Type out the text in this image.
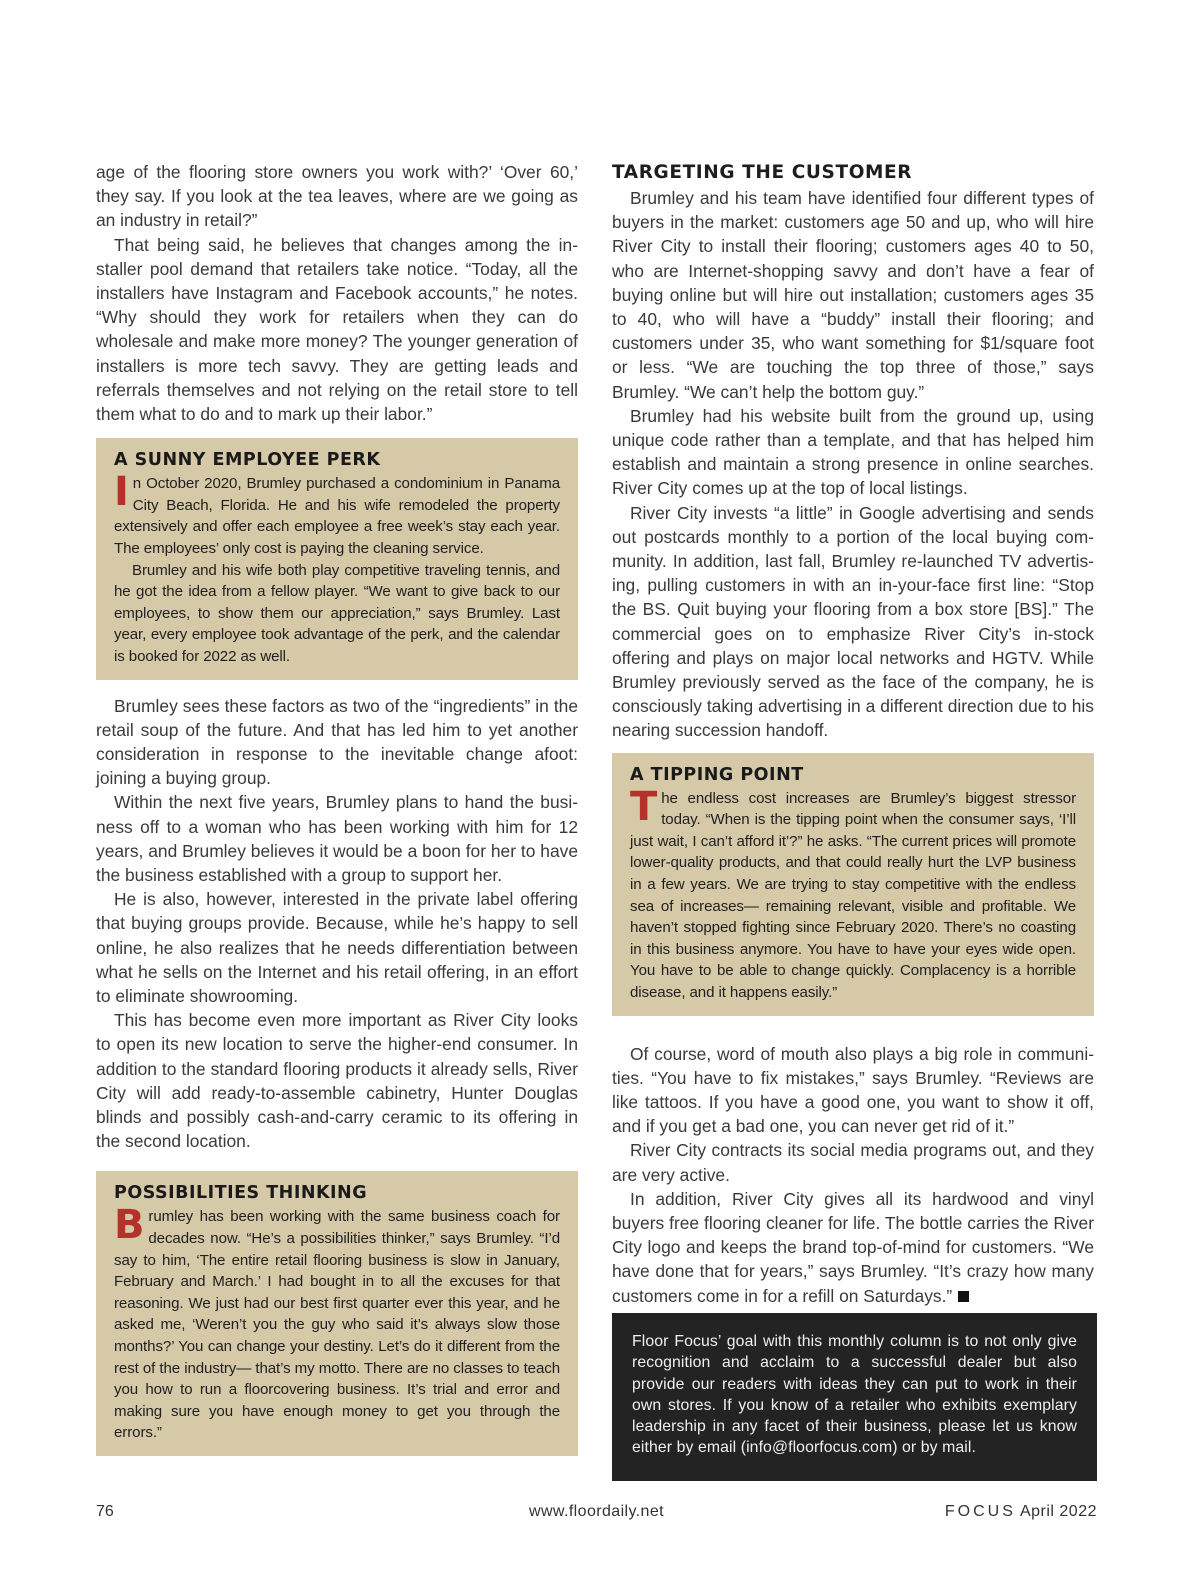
age of the flooring store owners you work with?’ ‘Over 60,’ they say. If you look at the tea leaves, where are we going as an industry in retail?”

That being said, he believes that changes among the installer pool demand that retailers take notice. “Today, all the installers have Instagram and Facebook accounts,” he notes. “Why should they work for retailers when they can do wholesale and make more money? The younger generation of installers is more tech savvy. They are getting leads and referrals themselves and not relying on the retail store to tell them what to do and to mark up their labor.”

A SUNNY EMPLOYEE PERK

In October 2020, Brumley purchased a condominium in Panama City Beach, Florida. He and his wife remodeled the property extensively and offer each employee a free week’s stay each year. The employees’ only cost is paying the cleaning service.

Brumley and his wife both play competitive traveling tennis, and he got the idea from a fellow player. “We want to give back to our employees, to show them our appreciation,” says Brumley. Last year, every employee took advantage of the perk, and the calendar is booked for 2022 as well.

Brumley sees these factors as two of the “ingredients” in the retail soup of the future. And that has led him to yet another consideration in response to the inevitable change afoot: joining a buying group.

Within the next five years, Brumley plans to hand the business off to a woman who has been working with him for 12 years, and Brumley believes it would be a boon for her to have the business established with a group to support her.

He is also, however, interested in the private label offering that buying groups provide. Because, while he’s happy to sell online, he also realizes that he needs differentiation between what he sells on the Internet and his retail offering, in an effort to eliminate showrooming.

This has become even more important as River City looks to open its new location to serve the higher-end consumer. In addition to the standard flooring products it already sells, River City will add ready-to-assemble cabinetry, Hunter Douglas blinds and possibly cash-and-carry ceramic to its offering in the second location.

POSSIBILITIES THINKING

Brumley has been working with the same business coach for decades now. “He’s a possibilities thinker,” says Brumley. “I’d say to him, ‘The entire retail flooring business is slow in January, February and March.’ I had bought in to all the excuses for that reasoning. We just had our best first quarter ever this year, and he asked me, ‘Weren’t you the guy who said it’s always slow those months?’ You can change your destiny. Let’s do it different from the rest of the industry— that’s my motto. There are no classes to teach you how to run a floorcovering business. It’s trial and error and making sure you have enough money to get you through the errors.”

TARGETING THE CUSTOMER

Brumley and his team have identified four different types of buyers in the market: customers age 50 and up, who will hire River City to install their flooring; customers ages 40 to 50, who are Internet-shopping savvy and don’t have a fear of buying online but will hire out installation; customers ages 35 to 40, who will have a “buddy” install their flooring; and customers under 35, who want something for $1/square foot or less. “We are touching the top three of those,” says Brumley. “We can’t help the bottom guy.”

Brumley had his website built from the ground up, using unique code rather than a template, and that has helped him establish and maintain a strong presence in online searches. River City comes up at the top of local listings.

River City invests “a little” in Google advertising and sends out postcards monthly to a portion of the local buying community. In addition, last fall, Brumley re-launched TV advertising, pulling customers in with an in-your-face first line: “Stop the BS. Quit buying your flooring from a box store [BS].” The commercial goes on to emphasize River City’s in-stock offering and plays on major local networks and HGTV. While Brumley previously served as the face of the company, he is consciously taking advertising in a different direction due to his nearing succession handoff.

A TIPPING POINT

The endless cost increases are Brumley’s biggest stressor today. “When is the tipping point when the consumer says, ‘I’ll just wait, I can’t afford it’?” he asks. “The current prices will promote lower-quality products, and that could really hurt the LVP business in a few years. We are trying to stay competitive with the endless sea of increases— remaining relevant, visible and profitable. We haven’t stopped fighting since February 2020. There’s no coasting in this business anymore. You have to have your eyes wide open. You have to be able to change quickly. Complacency is a horrible disease, and it happens easily.”

Of course, word of mouth also plays a big role in communities. “You have to fix mistakes,” says Brumley. “Reviews are like tattoos. If you have a good one, you want to show it off, and if you get a bad one, you can never get rid of it.”

River City contracts its social media programs out, and they are very active.

In addition, River City gives all its hardwood and vinyl buyers free flooring cleaner for life. The bottle carries the River City logo and keeps the brand top-of-mind for customers. “We have done that for years,” says Brumley. “It’s crazy how many customers come in for a refill on Saturdays.”

Floor Focus’ goal with this monthly column is to not only give recognition and acclaim to a successful dealer but also provide our readers with ideas they can put to work in their own stores. If you know of a retailer who exhibits exemplary leadership in any facet of their business, please let us know either by email (info@floorfocus.com) or by mail.

76	www.floordaily.net	FOCUS April 2022
